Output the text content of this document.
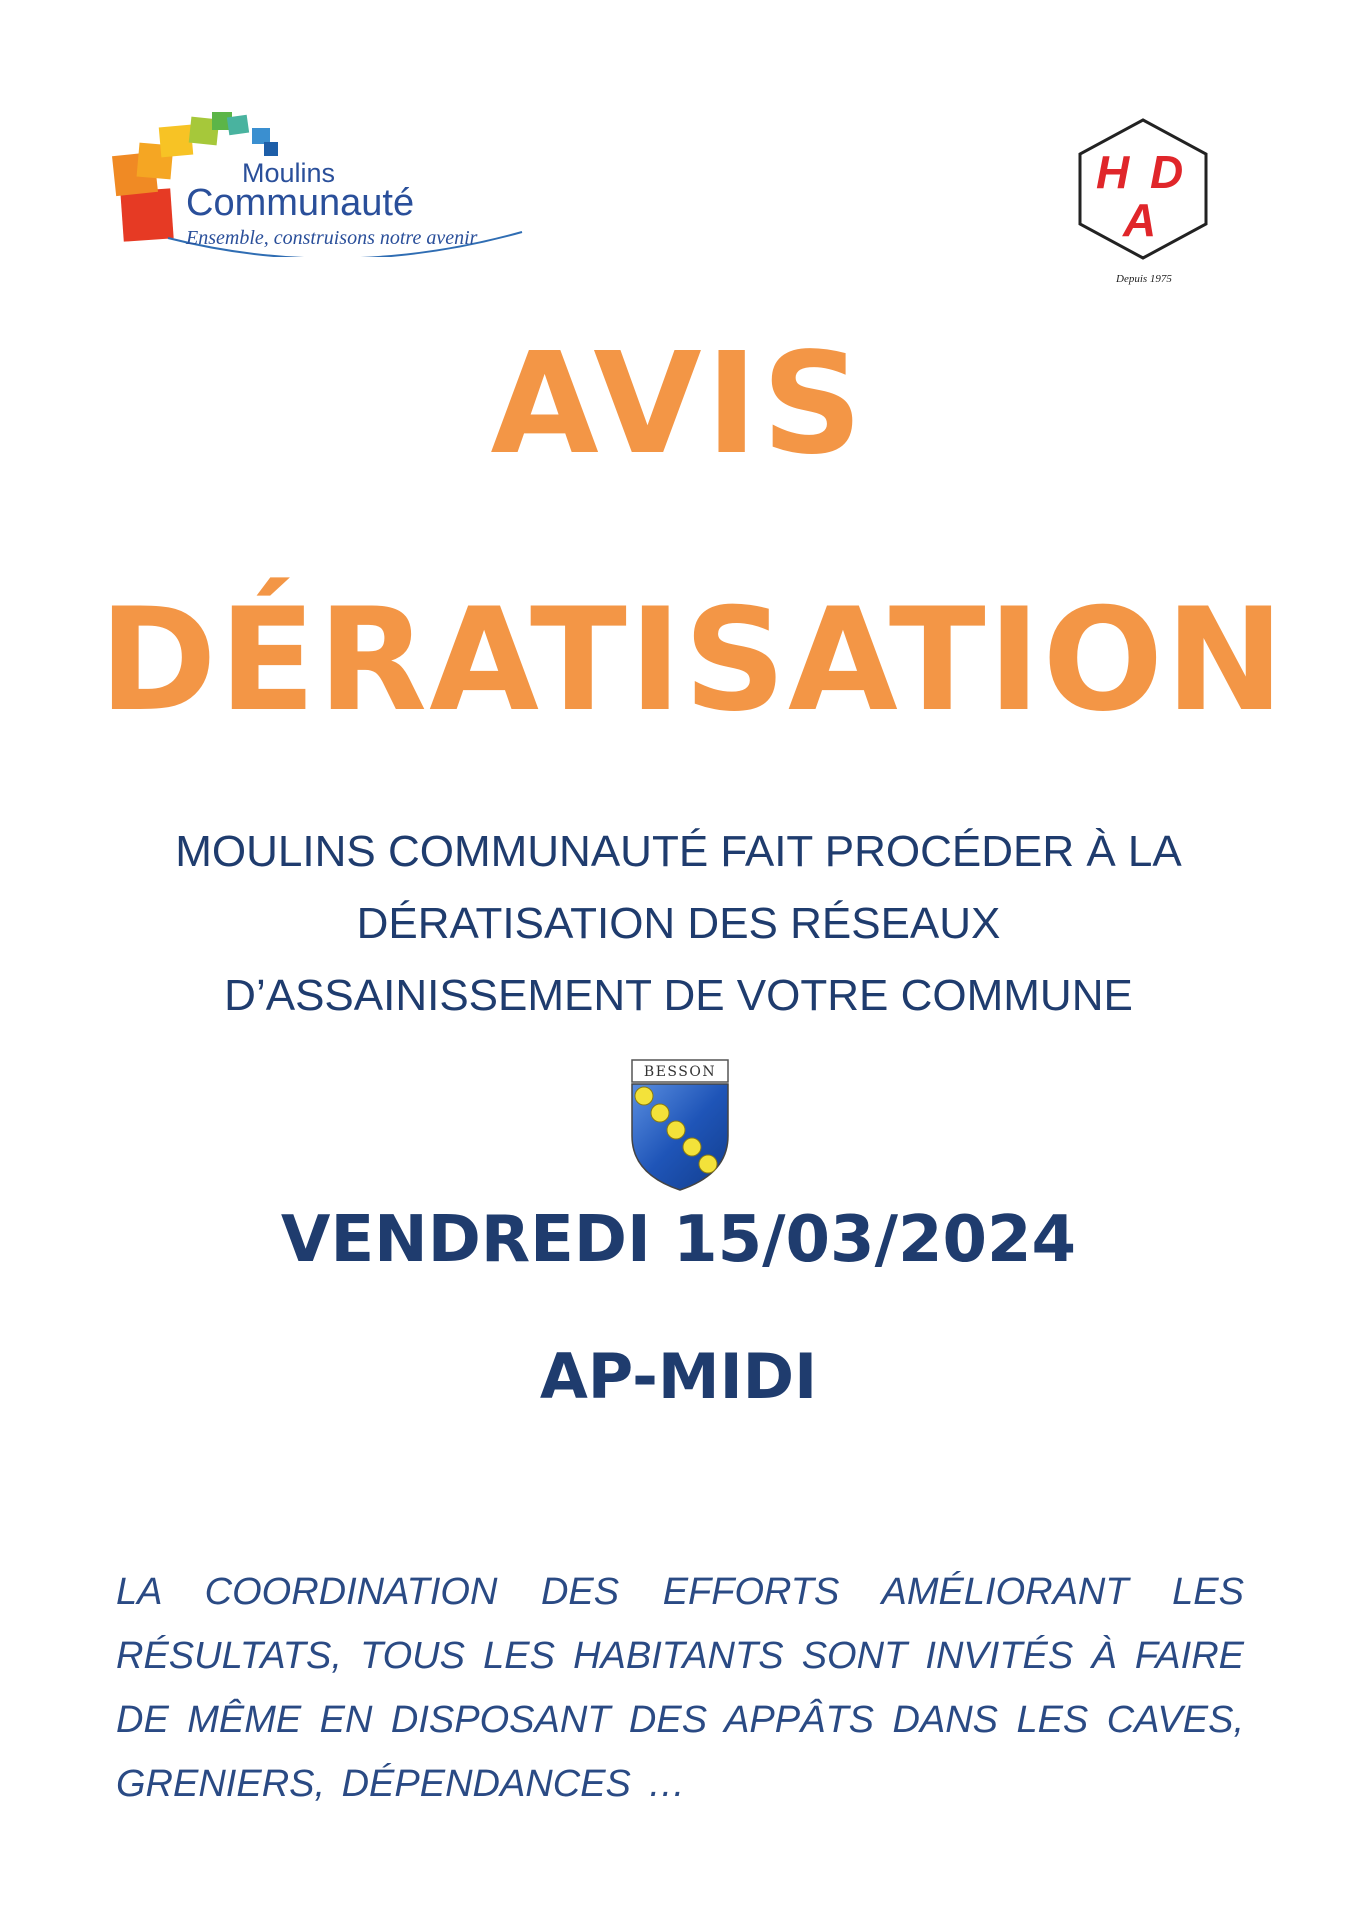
Moulins
Communauté
Ensemble, construisons notre avenir
H D
A
Depuis 1975
AVIS
DÉRATISATION
MOULINS COMMUNAUTÉ FAIT PROCÉDER À LA
DÉRATISATION DES RÉSEAUX
D’ASSAINISSEMENT DE VOTRE COMMUNE
BESSON
VENDREDI 15/03/2024
AP-MIDI
LA COORDINATION DES EFFORTS AMÉLIORANT LES RÉSULTATS, TOUS LES HABITANTS SONT INVITÉS À FAIRE DE MÊME EN DISPOSANT DES APPÂTS DANS LES CAVES, GRENIERS, DÉPENDANCES …
